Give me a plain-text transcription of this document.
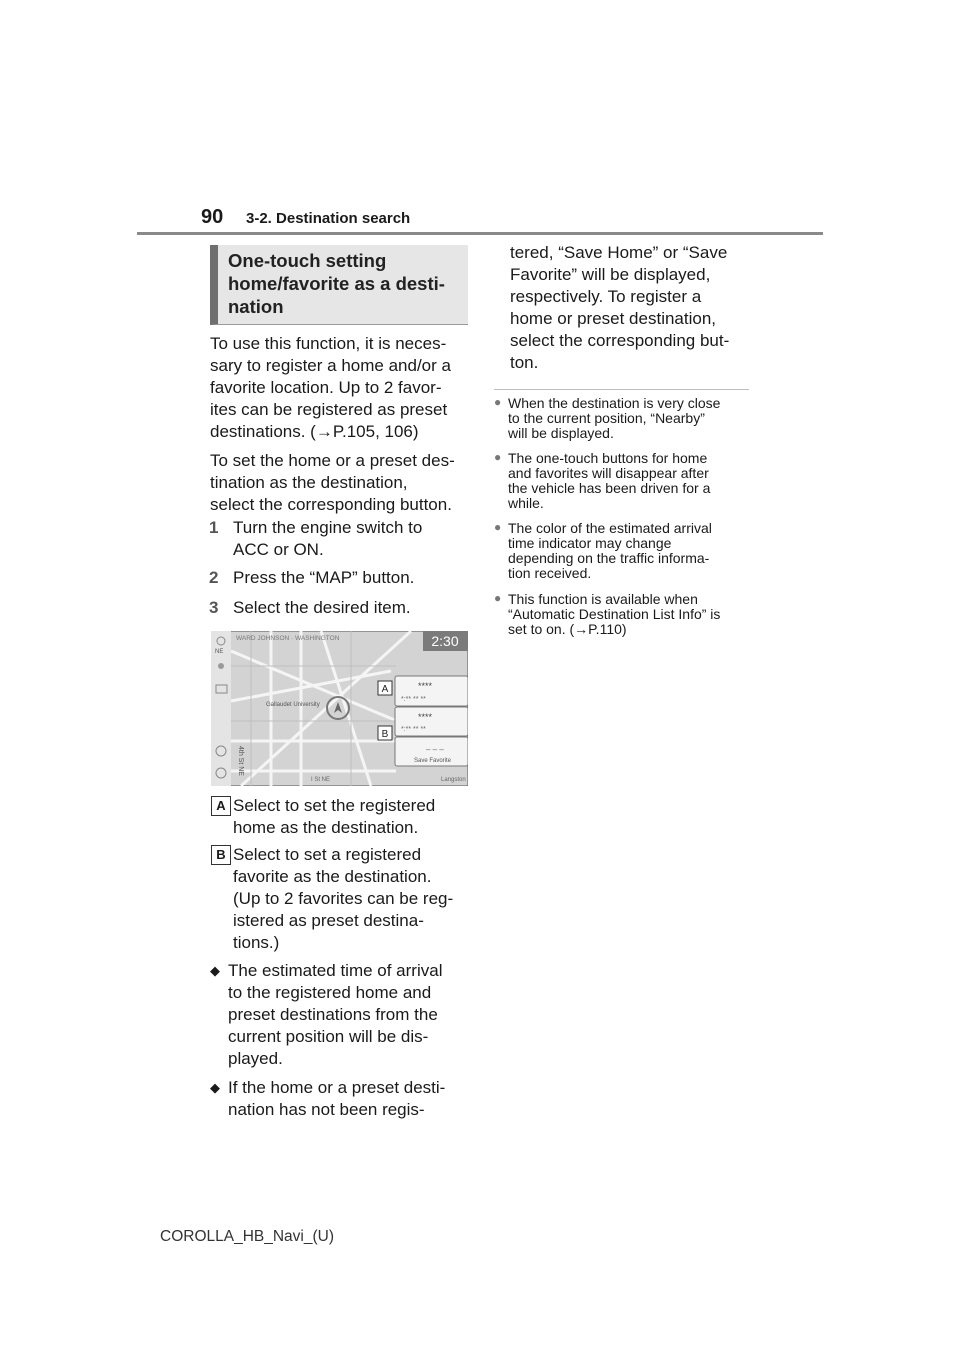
90 3-2. Destination search
One-touch setting
home/favorite as a desti-
nation
To use this function, it is neces-
sary to register a home and/or a
favorite location. Up to 2 favor-
ites can be registered as preset
destinations. (→P.105, 106)
To set the home or a preset des-
tination as the destination,
select the corresponding button.
1 Turn the engine switch to
ACC or ON.
2 Press the “MAP” button.
3 Select the desired item.
2:30
NE
WARD JOHNSON · WASHINGTON
Gallaudet University
I St NE	Langston
4th St NE
****
*:** ** **
****
*:** ** **
– – –
Save Favorite
A
B
A Select to set the registered
home as the destination.
B Select to set a registered
favorite as the destination.
(Up to 2 favorites can be reg-
istered as preset destina-
tions.)
◆ The estimated time of arrival
to the registered home and
preset destinations from the
current position will be dis-
played.
◆ If the home or a preset desti-
nation has not been regis-
tered, “Save Home” or “Save
Favorite” will be displayed,
respectively. To register a
home or preset destination,
select the corresponding but-
ton.
● When the destination is very close
to the current position, “Nearby”
will be displayed.
● The one-touch buttons for home
and favorites will disappear after
the vehicle has been driven for a
while.
● The color of the estimated arrival
time indicator may change
depending on the traffic informa-
tion received.
● This function is available when
“Automatic Destination List Info” is
set to on. (→P.110)
COROLLA_HB_Navi_(U)
